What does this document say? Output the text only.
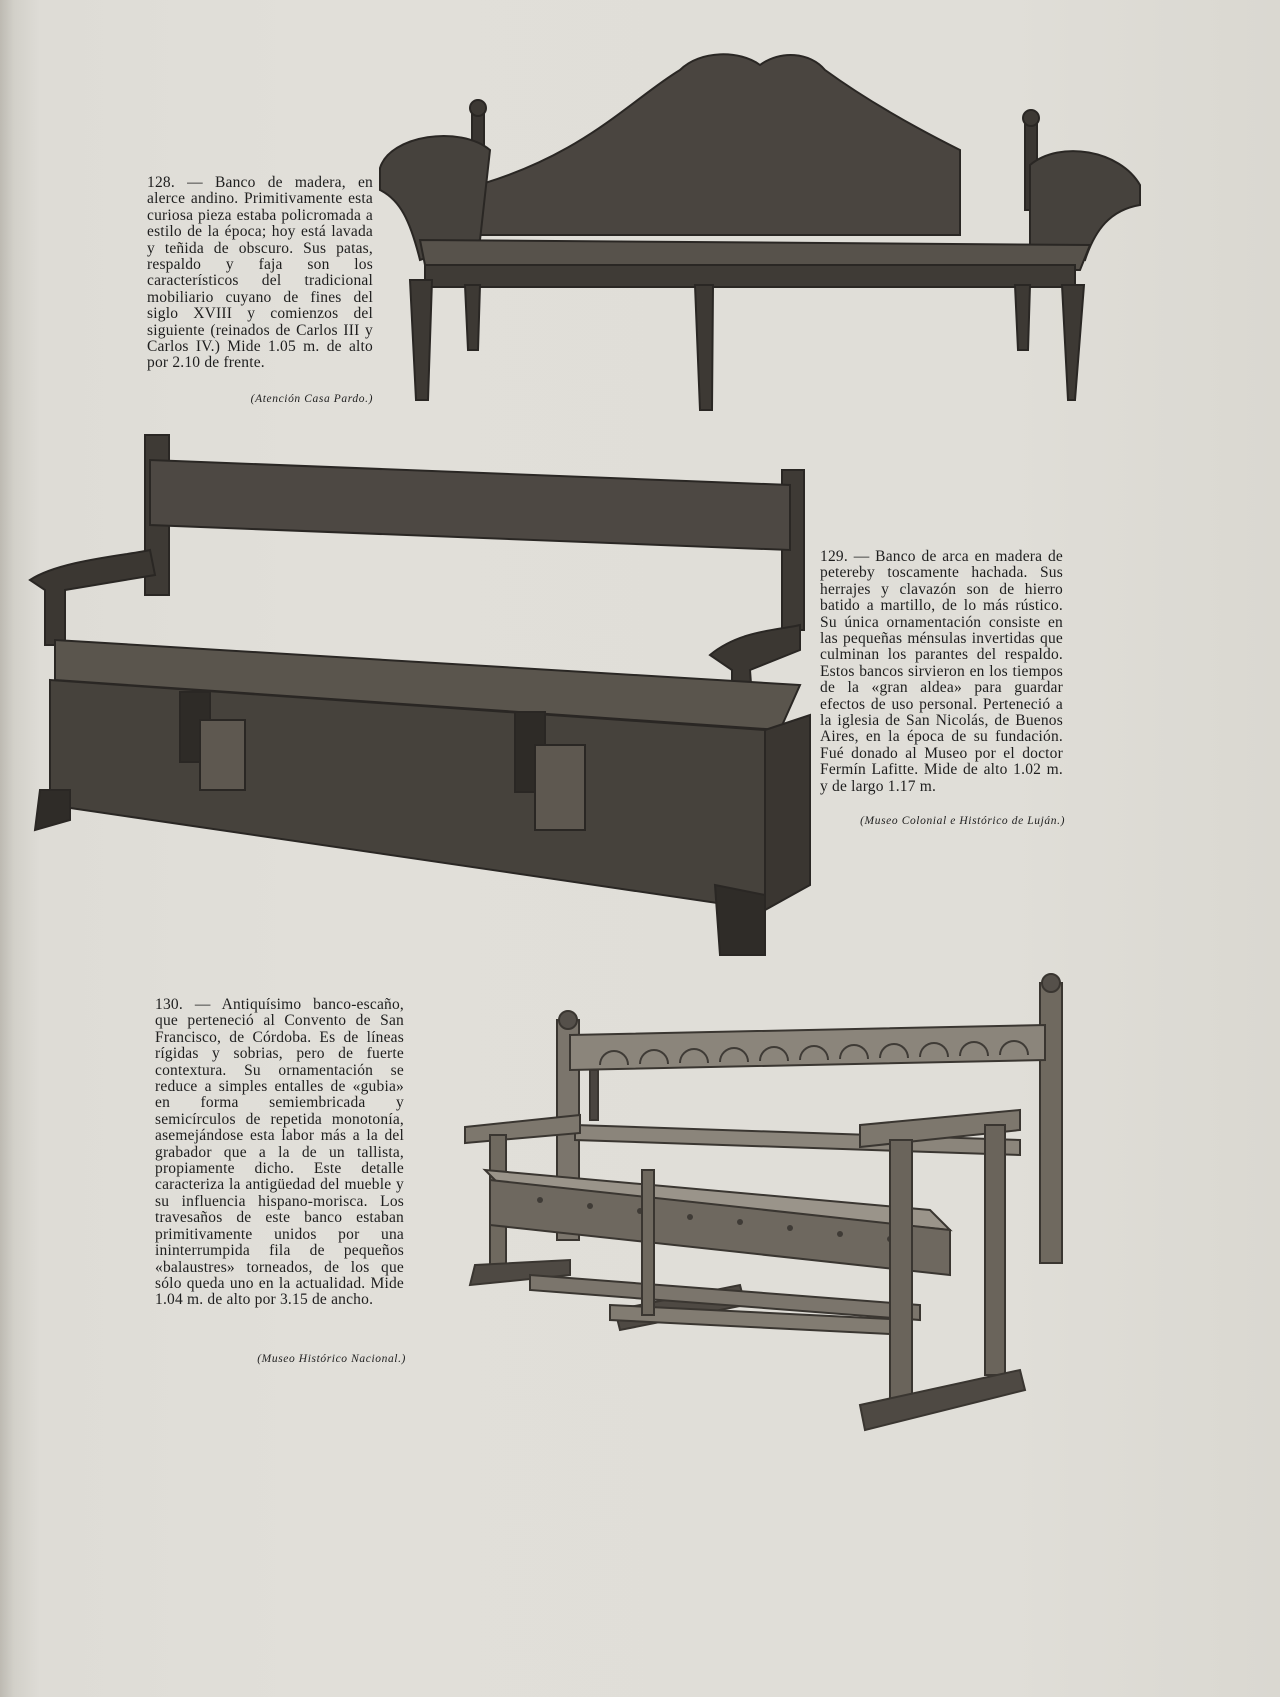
128. — Banco de madera, en alerce andino. Primitivamente esta curiosa pieza estaba policromada a estilo de la época; hoy está lavada y teñida de obscuro. Sus patas, respaldo y faja son los característicos del tradicional mobiliario cuyano de fines del siglo XVIII y comienzos del siguiente (reinados de Carlos III y Carlos IV.) Mide 1.05 m. de alto por 2.10 de frente.
(Atención Casa Pardo.)
129. — Banco de arca en madera de petereby toscamente hachada. Sus herrajes y clavazón son de hierro batido a martillo, de lo más rústico. Su única ornamentación consiste en las pequeñas ménsulas invertidas que culminan los parantes del respaldo. Estos bancos sirvieron en los tiempos de la «gran aldea» para guardar efectos de uso personal. Perteneció a la iglesia de San Nicolás, de Buenos Aires, en la época de su fundación. Fué donado al Museo por el doctor Fermín Lafitte. Mide de alto 1.02 m. y de largo 1.17 m.
(Museo Colonial e Histórico de Luján.)
130. — Antiquísimo banco-escaño, que perteneció al Convento de San Francisco, de Córdoba. Es de líneas rígidas y sobrias, pero de fuerte contextura. Su ornamentación se reduce a simples entalles de «gubia» en forma semiembricada y semicírculos de repetida monotonía, asemejándose esta labor más a la del grabador que a la de un tallista, propiamente dicho. Este detalle caracteriza la antigüedad del mueble y su influencia hispano-morisca. Los travesaños de este banco estaban primitivamente unidos por una ininterrumpida fila de pequeños «balaustres» torneados, de los que sólo queda uno en la actualidad. Mide 1.04 m. de alto por 3.15 de ancho.
(Museo Histórico Nacional.)
